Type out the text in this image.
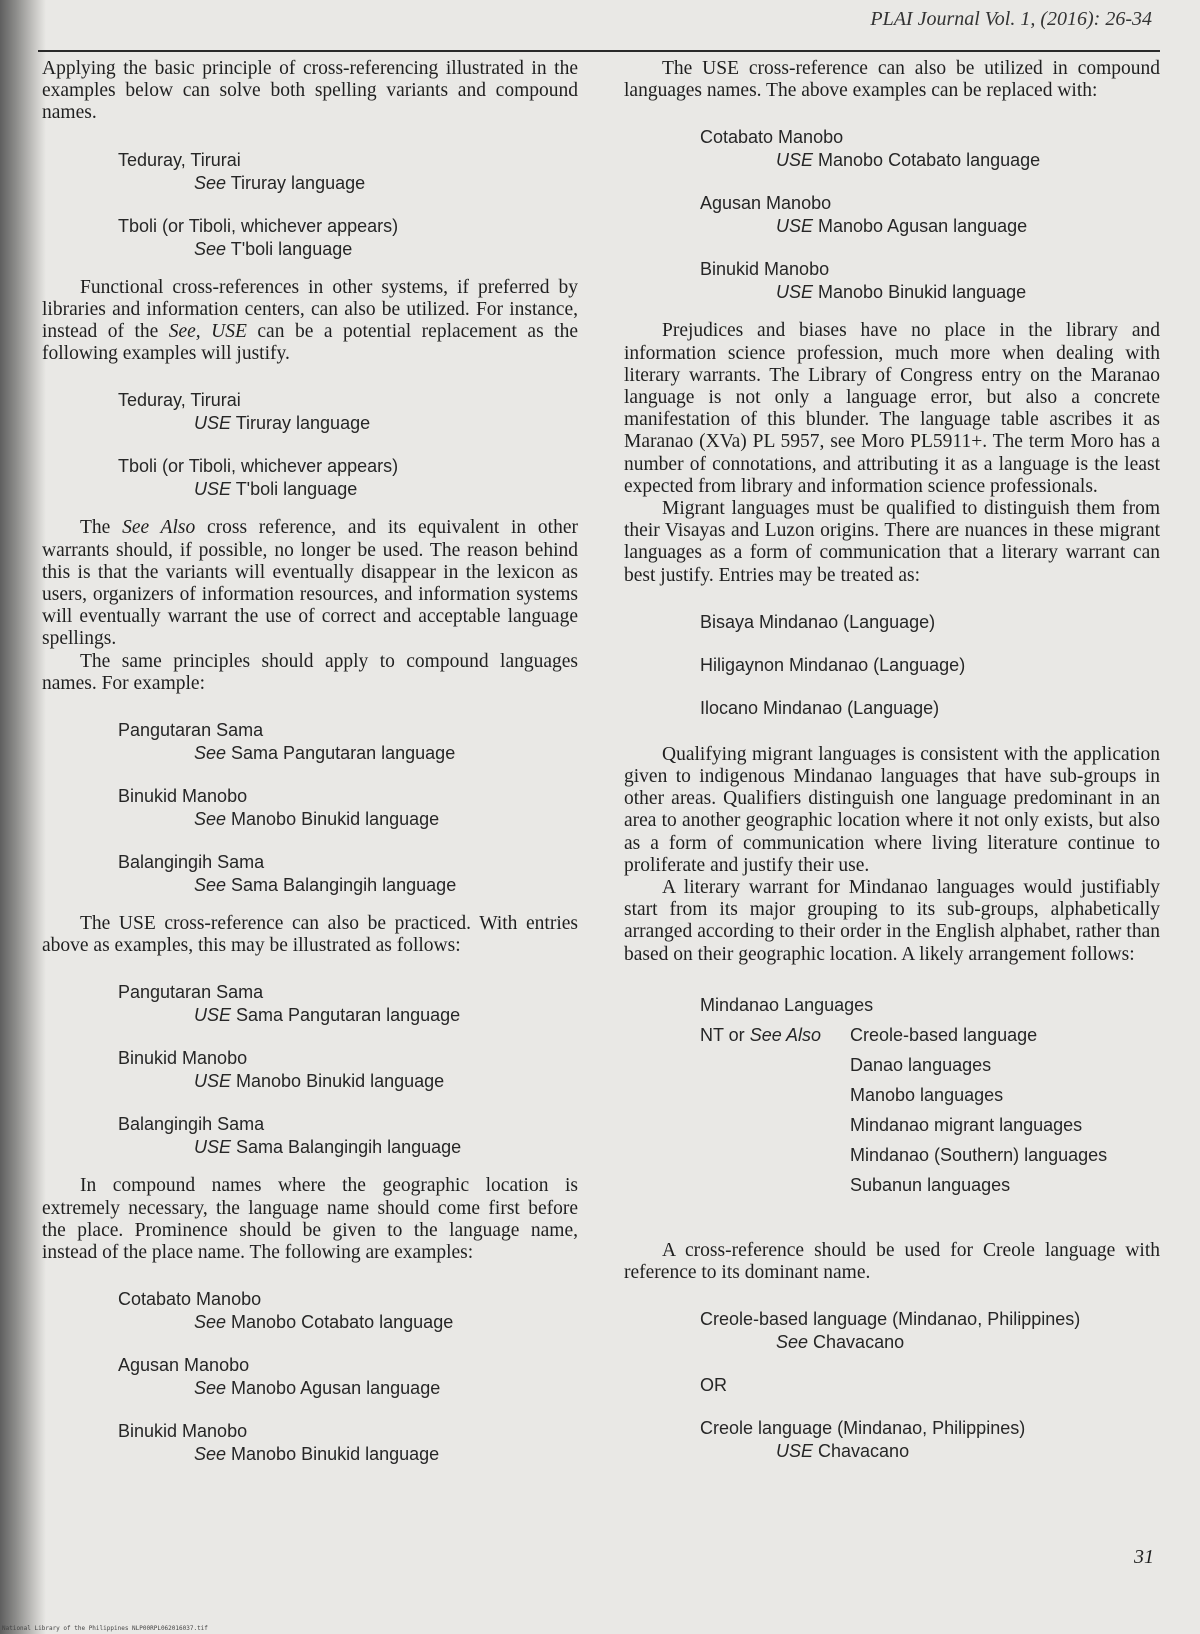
PLAI Journal Vol. 1, (2016): 26-34

Applying the basic principle of cross-referencing illustrated in the examples below can solve both spelling variants and compound names.

Teduray, Tirurai
See Tiruray language
Tboli (or Tiboli, whichever appears)
See T'boli language

Functional cross-references in other systems, if preferred by libraries and information centers, can also be utilized. For instance, instead of the See, USE can be a potential replacement as the following examples will justify.

Teduray, Tirurai
USE Tiruray language
Tboli (or Tiboli, whichever appears)
USE T'boli language

The See Also cross reference, and its equivalent in other warrants should, if possible, no longer be used. The reason behind this is that the variants will eventually disappear in the lexicon as users, organizers of information resources, and information systems will eventually warrant the use of correct and acceptable language spellings.

The same principles should apply to compound languages names. For example:

Pangutaran Sama
See Sama Pangutaran language
Binukid Manobo
See Manobo Binukid language
Balangingih Sama
See Sama Balangingih language

The USE cross-reference can also be practiced. With entries above as examples, this may be illustrated as follows:

Pangutaran Sama
USE Sama Pangutaran language
Binukid Manobo
USE Manobo Binukid language
Balangingih Sama
USE Sama Balangingih language

In compound names where the geographic location is extremely necessary, the language name should come first before the place. Prominence should be given to the language name, instead of the place name. The following are examples:

Cotabato Manobo
See Manobo Cotabato language
Agusan Manobo
See Manobo Agusan language
Binukid Manobo
See Manobo Binukid language

The USE cross-reference can also be utilized in compound languages names. The above examples can be replaced with:

Cotabato Manobo
USE Manobo Cotabato language
Agusan Manobo
USE Manobo Agusan language
Binukid Manobo
USE Manobo Binukid language

Prejudices and biases have no place in the library and information science profession, much more when dealing with literary warrants. The Library of Congress entry on the Maranao language is not only a language error, but also a concrete manifestation of this blunder. The language table ascribes it as Maranao (XVa) PL 5957, see Moro PL5911+. The term Moro has a number of connotations, and attributing it as a language is the least expected from library and information science professionals.

Migrant languages must be qualified to distinguish them from their Visayas and Luzon origins. There are nuances in these migrant languages as a form of communication that a literary warrant can best justify. Entries may be treated as:

Bisaya Mindanao (Language)
Hiligaynon Mindanao (Language)
Ilocano Mindanao (Language)

Qualifying migrant languages is consistent with the application given to indigenous Mindanao languages that have sub-groups in other areas. Qualifiers distinguish one language predominant in an area to another geographic location where it not only exists, but also as a form of communication where living literature continue to proliferate and justify their use.

A literary warrant for Mindanao languages would justifiably start from its major grouping to its sub-groups, alphabetically arranged according to their order in the English alphabet, rather than based on their geographic location. A likely arrangement follows:

Mindanao Languages
NT or See Also	Creole-based language
Danao languages
Manobo languages
Mindanao migrant languages
Mindanao (Southern) languages
Subanun languages

A cross-reference should be used for Creole language with reference to its dominant name.

Creole-based language (Mindanao, Philippines)
See Chavacano
OR
Creole language (Mindanao, Philippines)
USE Chavacano
31
National Library of the Philippines NLP00RPL062016037.tif
